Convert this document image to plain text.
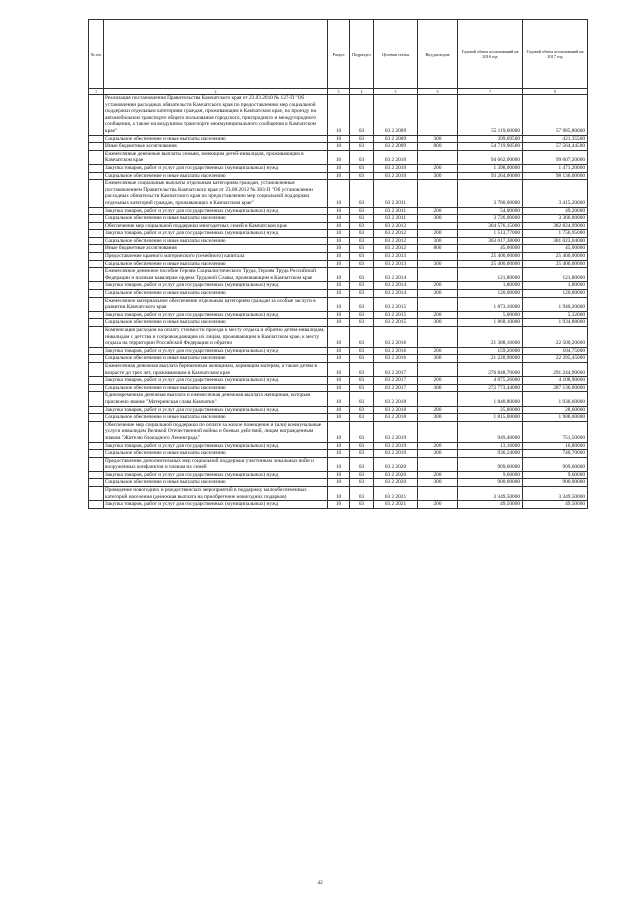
№ п/п		Раздел	Подраздел	Целевая статья	Вид расходов	Годовой объем ассигнований на 2016 год	Годовой объем ассигнований на 2017 год
1	2	3	4	5	6	7	8
	Реализация постановления Правительства Камчатского края от 23.03.2010 № 127-П "Об установлении расходных обязательств Камчатского края по предоставлению мер социальной поддержки отдельным категориям граждан, проживающим в Камчатском крае, по проезду на автомобильном транспорте общего пользования городского, пригородного и междугородного сообщения, а также на воздушном транспорте межмуниципального сообщения в Камчатском крае"	10	03	03 2 2009		55 119,60000	57 985,80000
	Социальное обеспечение и иные выплаты населению	10	03	03 2 2009	300	399,69500	421,35500
	Иные бюджетные ассигнования	10	03	03 2 2009	800	54 719,90500	57 564,44500
	Ежемесячные денежные выплаты семьям, имеющим детей-инвалидов, проживающим в Камчатском крае	10	03	03 2 2010		94 662,00000	99 607,20000
	Закупка товаров, работ и услуг для государственных (муниципальных) нужд	10	03	03 2 2010	200	1 398,00000	1 471,20000
	Социальное обеспечение и иные выплаты населению	10	03	03 2 2010	300	93 264,00000	98 136,00000
	Ежемесячные социальные выплаты отдельным категориям граждан, установленные постановлением Правительства Камчатского края от 23.08.2012 № 383-П "Об установлении расходных обязательств Камчатского края по предоставлению мер социальной поддержки отдельных категорий граждан, проживающих в Камчатском крае"	10	03	03 2 2011		3 780,00000	3 415,20000
	Закупка товаров, работ и услуг для государственных (муниципальных) нужд	10	03	03 2 2011	200	54,00000	49,20000
	Социальное обеспечение и иные выплаты населению	10	03	03 2 2011	300	3 726,00000	3 366,00000
	Обеспечение мер социальной поддержки многодетных семей в Камчатском крае	10	03	03 2 2012		364 576,15000	382 824,99000
	Закупка товаров, работ и услуг для государственных (муниципальных) нужд	10	03	03 2 2012	200	1 513,77000	1 756,95000
	Социальное обеспечение и иные выплаты населению	10	03	03 2 2012	300	363 017,38000	381 023,04000
	Иные бюджетные ассигнования	10	03	03 2 2012	800	45,00000	45,00000
	Предоставление краевого материнского (семейного) капитала	10	03	03 2 2013		25 400,00000	25 400,00000
	Социальное обеспечение и иные выплаты населению	10	03	03 2 2013	300	25 400,00000	25 400,00000
	Ежемесячное денежное пособие Героям Социалистического Труда, Героям Труда Российской Федерации и полным кавалерам ордена Трудовой Славы, проживающим в Камчатском крае	10	03	03 2 2014		121,80000	121,80000
	Закупка товаров, работ и услуг для государственных (муниципальных) нужд	10	03	03 2 2014	200	1,80000	1,80000
	Социальное обеспечение и иные выплаты населению	10	03	03 2 2014	300	120,00000	120,00000
	Ежемесячное материальное обеспечение отдельным категориям граждан за особые заслуги в развитии Камчатского края	10	03	03 2 2015		1 873,10000	1 940,20000
	Закупка товаров, работ и услуг для государственных (муниципальных) нужд	10	03	03 2 2015	200	5,00000	5,32000
	Социальное обеспечение и иные выплаты населению	10	03	03 2 2015	300	1 868,10000	1 934,88000
	Компенсация расходов на оплату стоимости проезда к месту отдыха и обратно детям-инвалидам, инвалидам с детства и сопровождающим их лицам, проживающим в Камчатском крае, к месту отдыха на территории Российской Федерации и обратно	10	03	03 2 2016		21 388,10000	22 500,20000
	Закупка товаров, работ и услуг для государственных (муниципальных) нужд	10	03	03 2 2016	200	159,20000	104,75000
	Социальное обеспечение и иные выплаты населению	10	03	03 2 2016	300	21 228,90000	22 395,45000
	Ежемесячная денежная выплата беременным женщинам, кормящим матерям, а также детям в возрасте до трех лет, проживающим в Камчатском крае	10	03	03 2 2017		276 848,70000	291 244,90000
	Закупка товаров, работ и услуг для государственных (муниципальных) нужд	10	03	03 2 2017	200	4 075,26000	4 108,90000
	Социальное обеспечение и иные выплаты населению	10	03	03 2 2017	300	272 773,44000	287 136,00000
	Единовременная денежная выплата и ежемесячная денежная выплата женщинам, которым присвоено звание "Материнская слава Камчатки"	10	03	03 2 2018		1 840,80000	1 936,60000
	Закупка товаров, работ и услуг для государственных (муниципальных) нужд	10	03	03 2 2018	200	25,80000	28,60000
	Социальное обеспечение и иные выплаты населению	10	03	03 2 2018	300	1 815,00000	1 908,00000
	Обеспечение мер социальной поддержки по оплате за жилое помещение и (или) коммунальные услуги инвалидам Великой Отечественной войны и боевых действий, лицам награжденным знаком "Жителю блокадного Ленинграда"	10	03	03 2 2019		949,40000	751,50000
	Закупка товаров, работ и услуг для государственных (муниципальных) нужд	10	03	03 2 2019	200	13,16000	10,80000
	Социальное обеспечение и иные выплаты населению	10	03	03 2 2019	300	936,24000	740,70000
	Предоставление дополнительных мер социальной поддержки участникам локальных войн и вооруженных конфликтов и членам их семей	10	03	03 2 2020		909,60000	909,60000
	Закупка товаров, работ и услуг для государственных (муниципальных) нужд	10	03	03 2 2020	200	9,60000	9,60000
	Социальное обеспечение и иные выплаты населению	10	03	03 2 2020	300	900,00000	900,00000
	Проведение новогодних и рождественских мероприятий в поддержку малообеспеченных категорий населения (денежная выплата на приобретение новогодних подарков)	10	03	03 2 2021		3 349,50000	3 349,50000
	Закупка товаров, работ и услуг для государственных (муниципальных) нужд	10	03	03 2 2021	200	49,50000	49,50000
42
